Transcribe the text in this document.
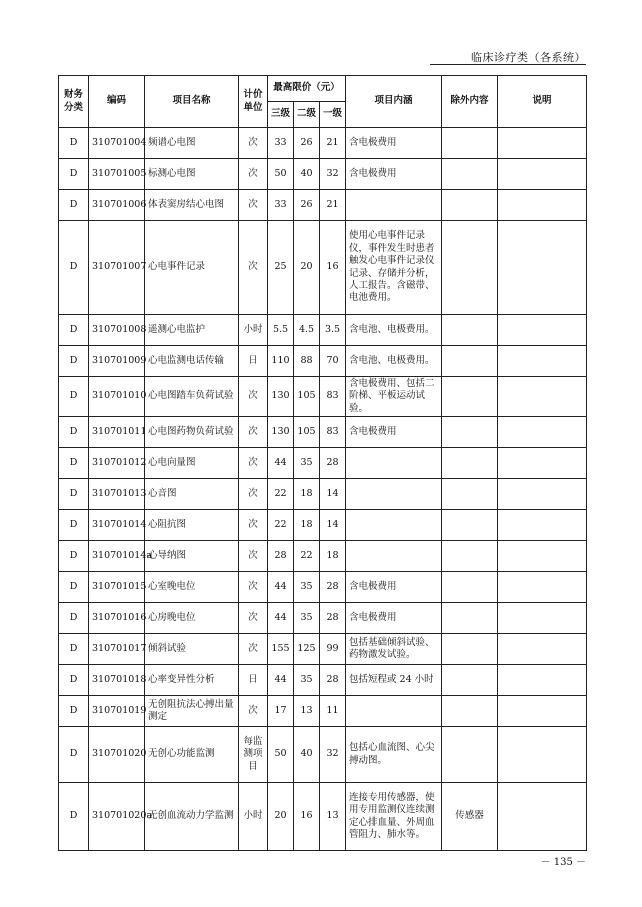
临床诊疗类（各系统）
财务分类	编码	项目名称	计价单位	最高限价（元）			项目内涵	除外内容	说明
				三级	二级	一级			
D	310701004	频谱心电图	次	33	26	21	含电极费用		
D	310701005	标测心电图	次	50	40	32	含电极费用		
D	310701006	体表窦房结心电图	次	33	26	21			
D	310701007	心电事件记录	次	25	20	16	使用心电事件记录仪，事件发生时患者触发心电事件记录仪记录、存储并分析，人工报告。含磁带、电池费用。		
D	310701008	遥测心电监护	小时	5.5	4.5	3.5	含电池、电极费用。		
D	310701009	心电监测电话传输	日	110	88	70	含电池、电极费用。		
D	310701010	心电图踏车负荷试验	次	130	105	83	含电极费用、包括二阶梯、平板运动试验。		
D	310701011	心电图药物负荷试验	次	130	105	83	含电极费用		
D	310701012	心电向量图	次	44	35	28			
D	310701013	心音图	次	22	18	14			
D	310701014	心阻抗图	次	22	18	14			
D	310701014a	心导纳图	次	28	22	18			
D	310701015	心室晚电位	次	44	35	28	含电极费用		
D	310701016	心房晚电位	次	44	35	28	含电极费用		
D	310701017	倾斜试验	次	155	125	99	包括基础倾斜试验、药物激发试验。		
D	310701018	心率变异性分析	日	44	35	28	包括短程或 24 小时		
D	310701019	无创阻抗法心搏出量测定	次	17	13	11			
D	310701020	无创心功能监测	每监测项目	50	40	32	包括心血流图、心尖搏动图。		
D	310701020a	无创血流动力学监测	小时	20	16	13	连接专用传感器，使用专用监测仪连续测定心排血量、外周血管阻力、肺水等。	传感器	
－ 135 －
